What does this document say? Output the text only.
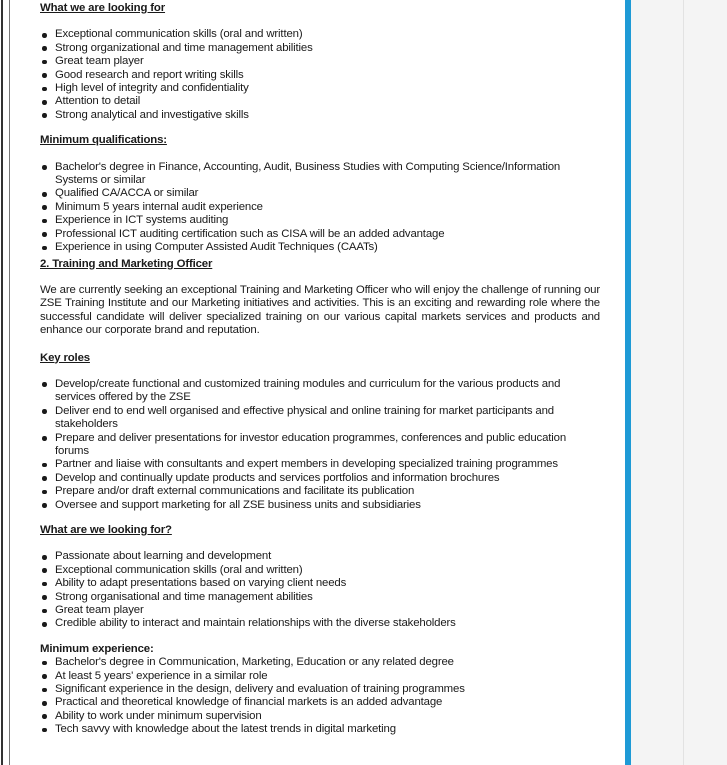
What we are looking for

Exceptional communication skills (oral and written)
Strong organizational and time management abilities
Great team player
Good research and report writing skills
High level of integrity and confidentiality
Attention to detail
Strong analytical and investigative skills

Minimum qualifications:

Bachelor's degree in Finance, Accounting, Audit, Business Studies with Computing Science/Information Systems or similar
Qualified CA/ACCA or similar
Minimum 5 years internal audit experience
Experience in ICT systems auditing
Professional ICT auditing certification such as CISA will be an added advantage
Experience in using Computer Assisted Audit Techniques (CAATs)

2. Training and Marketing Officer

We are currently seeking an exceptional Training and Marketing Officer who will enjoy the challenge of running our ZSE Training Institute and our Marketing initiatives and activities. This is an exciting and rewarding role where the successful candidate will deliver specialized training on our various capital markets services and products and enhance our corporate brand and reputation.

Key roles

Develop/create functional and customized training modules and curriculum for the various products and services offered by the ZSE
Deliver end to end well organised and effective physical and online training for market participants and stakeholders
Prepare and deliver presentations for investor education programmes, conferences and public education forums
Partner and liaise with consultants and expert members in developing specialized training programmes
Develop and continually update products and services portfolios and information brochures
Prepare and/or draft external communications and facilitate its publication
Oversee and support marketing for all ZSE business units and subsidiaries

What are we looking for?

Passionate about learning and development
Exceptional communication skills (oral and written)
Ability to adapt presentations based on varying client needs
Strong organisational and time management abilities
Great team player
Credible ability to interact and maintain relationships with the diverse stakeholders

Minimum experience:

Bachelor's degree in Communication, Marketing, Education or any related degree
At least 5 years' experience in a similar role
Significant experience in the design, delivery and evaluation of training programmes
Practical and theoretical knowledge of financial markets is an added advantage
Ability to work under minimum supervision
Tech savvy with knowledge about the latest trends in digital marketing
